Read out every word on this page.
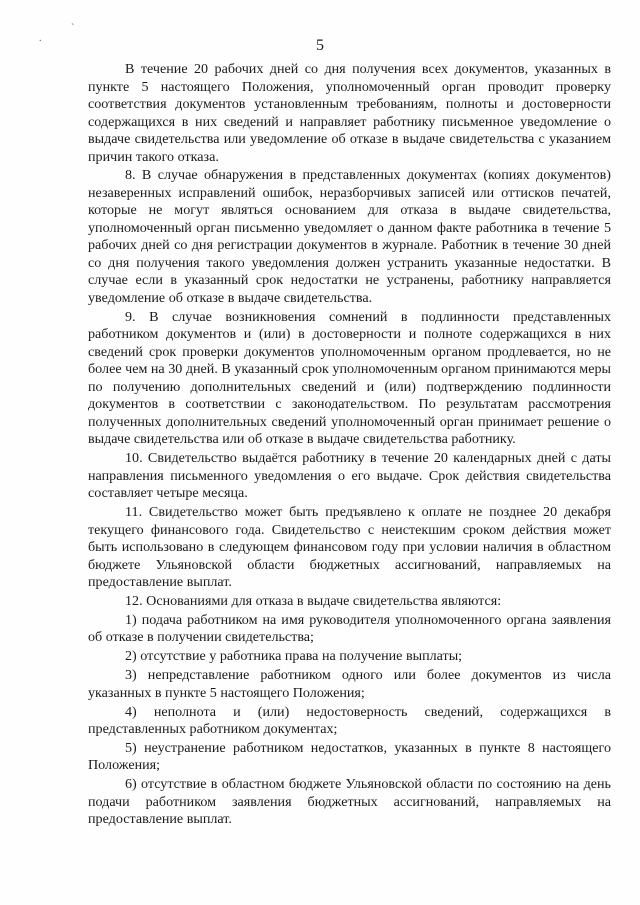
.
`
5

В течение 20 рабочих дней со дня получения всех документов, указанных в пункте 5 настоящего Положения, уполномоченный орган проводит проверку соответствия документов установленным требованиям, полноты и достоверности содержащихся в них сведений и направляет работнику письменное уведомление о выдаче свидетельства или уведомление об отказе в выдаче свидетельства с указанием причин такого отказа.

8. В случае обнаружения в представленных документах (копиях документов) незаверенных исправлений ошибок, неразборчивых записей или оттисков печатей, которые не могут являться основанием для отказа в выдаче свидетельства, уполномоченный орган письменно уведомляет о данном факте работника в течение 5 рабочих дней со дня регистрации документов в журнале. Работник в течение 30 дней со дня получения такого уведомления должен устранить указанные недостатки. В случае если в указанный срок недостатки не устранены, работнику направляется уведомление об отказе в выдаче свидетельства.

9. В случае возникновения сомнений в подлинности представленных работником документов и (или) в достоверности и полноте содержащихся в них сведений срок проверки документов уполномоченным органом продлевается, но не более чем на 30 дней. В указанный срок уполномоченным органом принимаются меры по получению дополнительных сведений и (или) подтверждению подлинности документов в соответствии с законодательством. По результатам рассмотрения полученных дополнительных сведений уполномоченный орган принимает решение о выдаче свидетельства или об отказе в выдаче свидетельства работнику.

10. Свидетельство выдаётся работнику в течение 20 календарных дней с даты направления письменного уведомления о его выдаче. Срок действия свидетельства составляет четыре месяца.

11. Свидетельство может быть предъявлено к оплате не позднее 20 декабря текущего финансового года. Свидетельство с неистекшим сроком действия может быть использовано в следующем финансовом году при условии наличия в областном бюджете Ульяновской области бюджетных ассигнований, направляемых на предоставление выплат.

12. Основаниями для отказа в выдаче свидетельства являются:

1) подача работником на имя руководителя уполномоченного органа заявления об отказе в получении свидетельства;

2) отсутствие у работника права на получение выплаты;

3) непредставление работником одного или более документов из числа указанных в пункте 5 настоящего Положения;

4) неполнота и (или) недостоверность сведений, содержащихся в представленных работником документах;

5) неустранение работником недостатков, указанных в пункте 8 настоящего Положения;

6) отсутствие в областном бюджете Ульяновской области по состоянию на день подачи работником заявления бюджетных ассигнований, направляемых на предоставление выплат.
